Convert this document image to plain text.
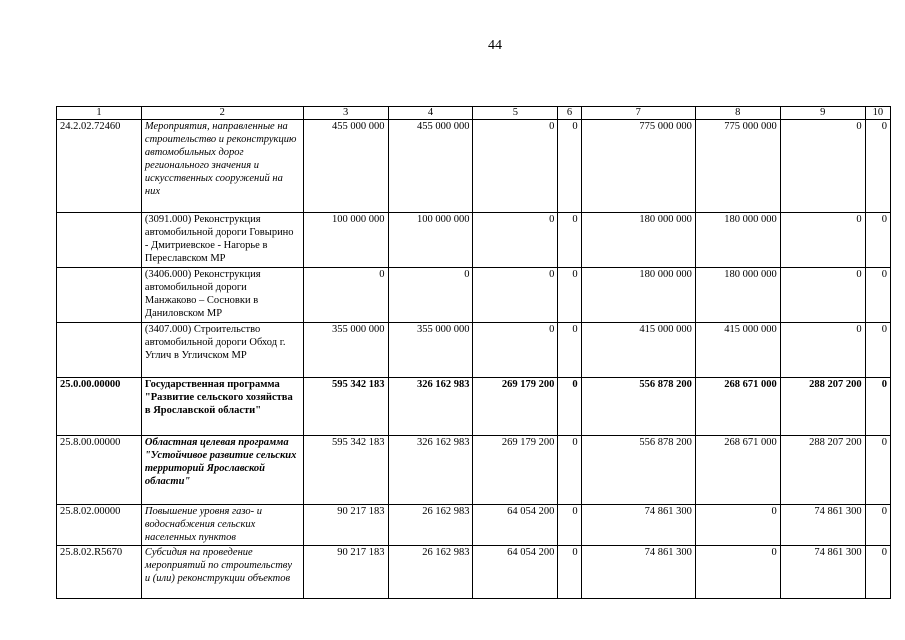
44
1	2	3	4	5	6	7	8	9	10
24.2.02.72460	Мероприятия, направленные на строительство и реконструкцию автомобильных дорог регионального значения и искусственных сооружений на них	455 000 000	455 000 000	0	0	775 000 000	775 000 000	0	0
	(3091.000) Реконструкция автомобильной дороги Говырино - Дмитриевское - Нагорье в Переславском МР	100 000 000	100 000 000	0	0	180 000 000	180 000 000	0	0
	(3406.000) Реконструкция автомобильной дороги Манжаково – Сосновки в Даниловском МР	0	0	0	0	180 000 000	180 000 000	0	0
	(3407.000) Строительство автомобильной дороги Обход г. Углич в Угличском МР	355 000 000	355 000 000	0	0	415 000 000	415 000 000	0	0
25.0.00.00000	Государственная программа "Развитие сельского хозяйства в Ярославской области"	595 342 183	326 162 983	269 179 200	0	556 878 200	268 671 000	288 207 200	0
25.8.00.00000	Областная целевая программа "Устойчивое развитие сельских территорий Ярославской области"	595 342 183	326 162 983	269 179 200	0	556 878 200	268 671 000	288 207 200	0
25.8.02.00000	Повышение уровня газо- и водоснабжения сельских населенных пунктов	90 217 183	26 162 983	64 054 200	0	74 861 300	0	74 861 300	0
25.8.02.R5670	Субсидия на проведение мероприятий по строительству и (или) реконструкции объектов	90 217 183	26 162 983	64 054 200	0	74 861 300	0	74 861 300	0
